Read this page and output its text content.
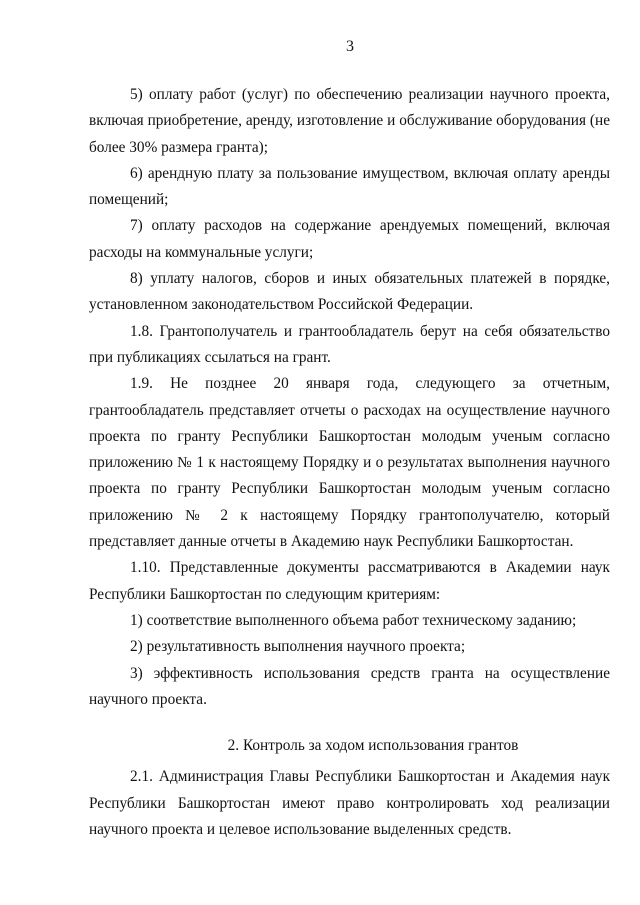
3

5) оплату работ (услуг) по обеспечению реализации научного проекта, включая приобретение, аренду, изготовление и обслуживание оборудования (не более 30% размера гранта);

6) арендную плату за пользование имуществом, включая оплату аренды помещений;

7) оплату расходов на содержание арендуемых помещений, включая расходы на коммунальные услуги;

8) уплату налогов, сборов и иных обязательных платежей в порядке, установленном законодательством Российской Федерации.

1.8. Грантополучатель и грантообладатель берут на себя обязательство при публикациях ссылаться на грант.

1.9. Не позднее 20 января года, следующего за отчетным, грантообладатель представляет отчеты о расходах на осуществление научного проекта по гранту Республики Башкортостан молодым ученым согласно приложению № 1 к настоящему Порядку и о результатах выполнения научного проекта по гранту Республики Башкортостан молодым ученым согласно приложению № 2 к настоящему Порядку грантополучателю, который представляет данные отчеты в Академию наук Республики Башкортостан.

1.10. Представленные документы рассматриваются в Академии наук Республики Башкортостан по следующим критериям:

1) соответствие выполненного объема работ техническому заданию;

2) результативность выполнения научного проекта;

3) эффективность использования средств гранта на осуществление научного проекта.

2. Контроль за ходом использования грантов

2.1. Администрация Главы Республики Башкортостан и Академия наук Республики Башкортостан имеют право контролировать ход реализации научного проекта и целевое использование выделенных средств.
